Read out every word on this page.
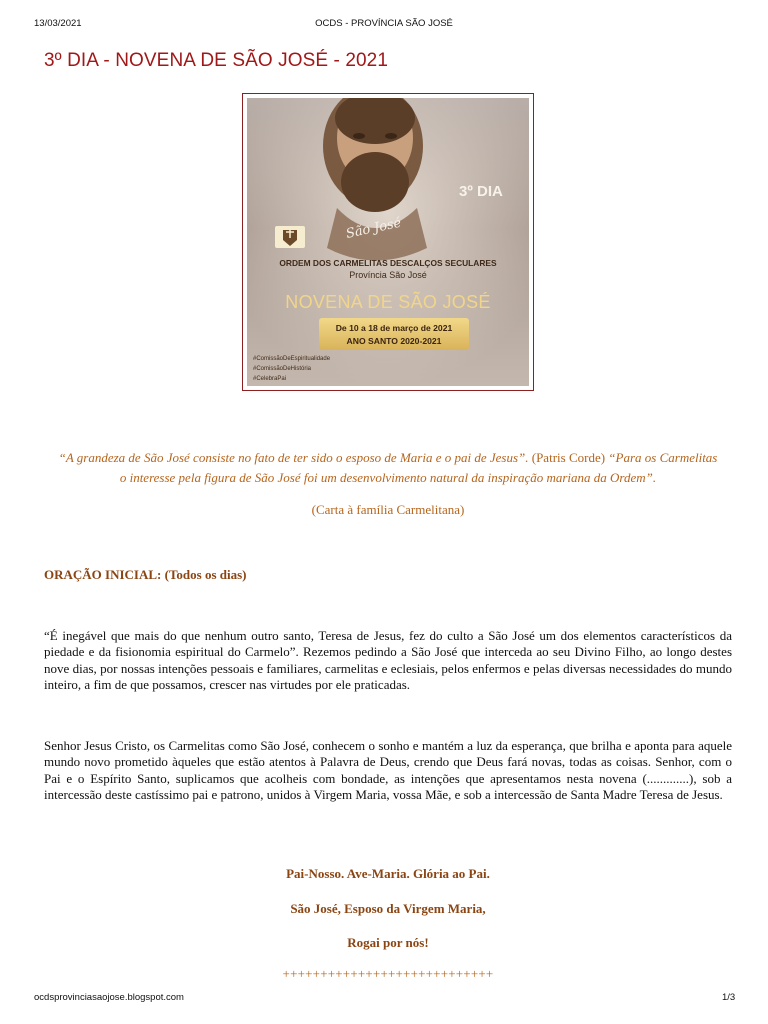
13/03/2021	OCDS - PROVÍNCIA SÃO JOSÉ
3º DIA - NOVENA DE SÃO JOSÉ - 2021
São José
3º DIA
ORDEM DOS CARMELITAS DESCALÇOS SECULARES
Província São José
NOVENA DE SÃO JOSÉ
De 10 a 18 de março de 2021
ANO SANTO 2020-2021
#ComissãoDeEspiritualidade
#ComissãoDeHistória
#CelebraPai

“A grandeza de São José consiste no fato de ter sido o esposo de Maria e o pai de Jesus”. (Patris Corde) “Para os Carmelitas o interesse pela figura de São José foi um desenvolvimento natural da inspiração mariana da Ordem”.

(Carta à família Carmelitana)

ORAÇÃO INICIAL: (Todos os dias)

“É inegável que mais do que nenhum outro santo, Teresa de Jesus, fez do culto a São José um dos elementos característicos da piedade e da fisionomia espiritual do Carmelo”. Rezemos pedindo a São José que interceda ao seu Divino Filho, ao longo destes nove dias, por nossas intenções pessoais e familiares, carmelitas e eclesiais, pelos enfermos e pelas diversas necessidades do mundo inteiro, a fim de que possamos, crescer nas virtudes por ele praticadas.

Senhor Jesus Cristo, os Carmelitas como São José, conhecem o sonho e mantém a luz da esperança, que brilha e aponta para aquele mundo novo prometido àqueles que estão atentos à Palavra de Deus, crendo que Deus fará novas, todas as coisas. Senhor, com o Pai e o Espírito Santo, suplicamos que acolheis com bondade, as intenções que apresentamos nesta novena (.............), sob a intercessão deste castíssimo pai e patrono, unidos à Virgem Maria, vossa Mãe, e sob a intercessão de Santa Madre Teresa de Jesus.

Pai-Nosso. Ave-Maria. Glória ao Pai.

São José, Esposo da Virgem Maria,

Rogai por nós!

++++++++++++++++++++++++++++

ocdsprovinciasaojose.blogspot.com	1/3
